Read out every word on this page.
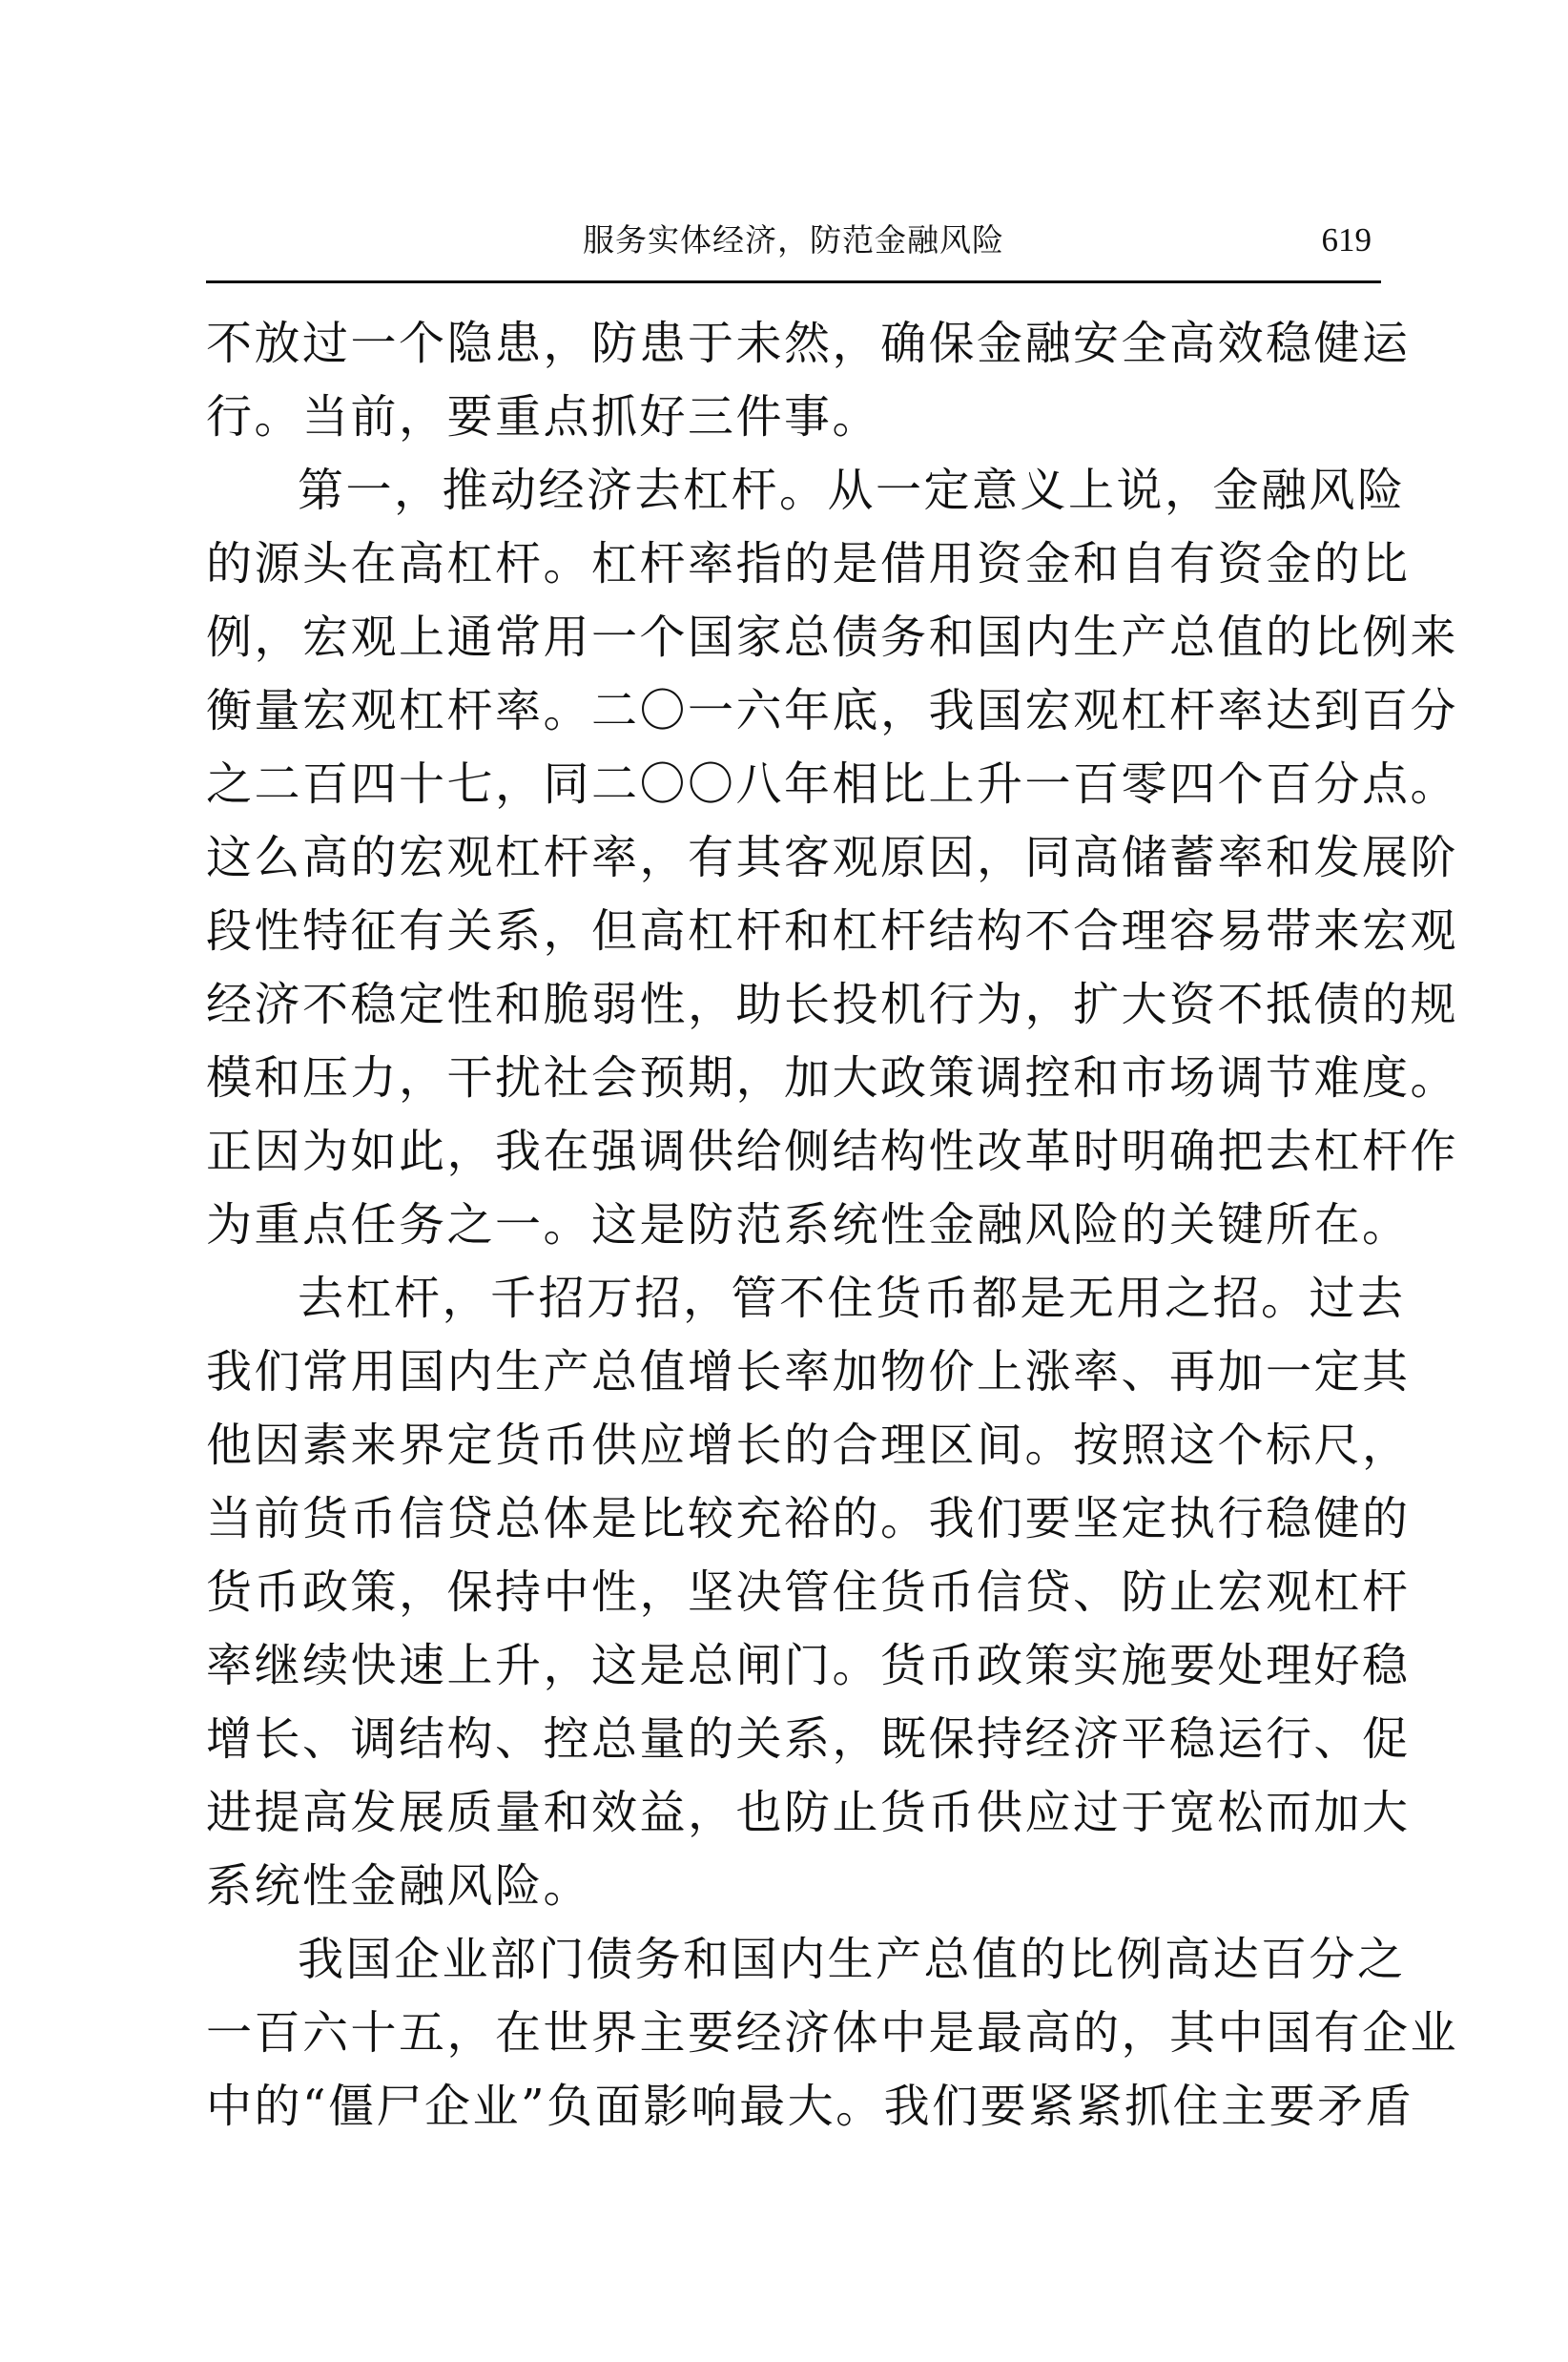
服务实体经济，防范金融风险	619
不放过一个隐患，防患于未然，确保金融安全高效稳健运
行。当前，要重点抓好三件事。
第一，推动经济去杠杆。从一定意义上说，金融风险
的源头在高杠杆。杠杆率指的是借用资金和自有资金的比
例，宏观上通常用一个国家总债务和国内生产总值的比例来
衡量宏观杠杆率。二〇一六年底，我国宏观杠杆率达到百分
之二百四十七，同二〇〇八年相比上升一百零四个百分点。
这么高的宏观杠杆率，有其客观原因，同高储蓄率和发展阶
段性特征有关系，但高杠杆和杠杆结构不合理容易带来宏观
经济不稳定性和脆弱性，助长投机行为，扩大资不抵债的规
模和压力，干扰社会预期，加大政策调控和市场调节难度。
正因为如此，我在强调供给侧结构性改革时明确把去杠杆作
为重点任务之一。这是防范系统性金融风险的关键所在。
去杠杆，千招万招，管不住货币都是无用之招。过去
我们常用国内生产总值增长率加物价上涨率、再加一定其
他因素来界定货币供应增长的合理区间。按照这个标尺，
当前货币信贷总体是比较充裕的。我们要坚定执行稳健的
货币政策，保持中性，坚决管住货币信贷、防止宏观杠杆
率继续快速上升，这是总闸门。货币政策实施要处理好稳
增长、调结构、控总量的关系，既保持经济平稳运行、促
进提高发展质量和效益，也防止货币供应过于宽松而加大
系统性金融风险。
我国企业部门债务和国内生产总值的比例高达百分之
一百六十五，在世界主要经济体中是最高的，其中国有企业
中的“僵尸企业”负面影响最大。我们要紧紧抓住主要矛盾
